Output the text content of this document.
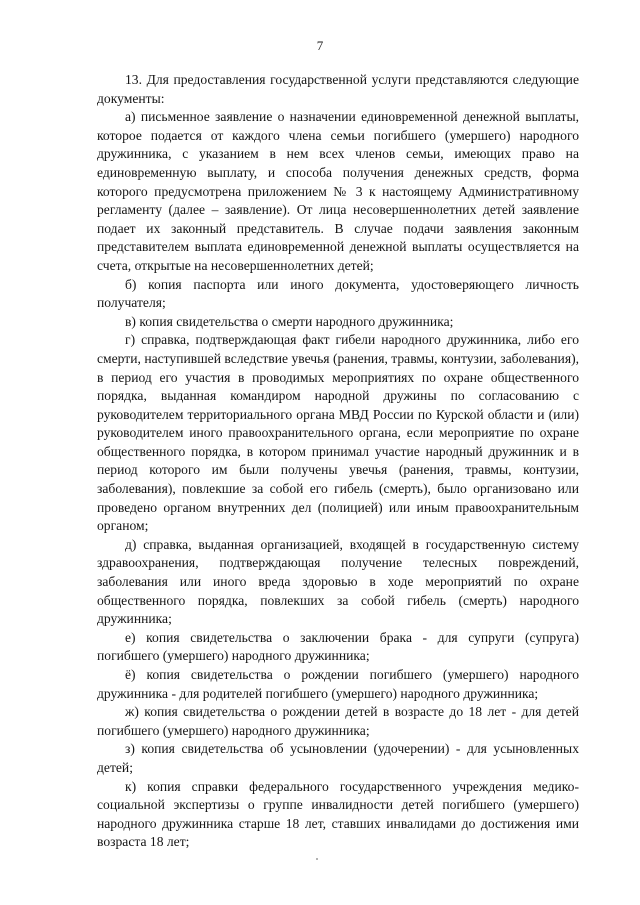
7

13. Для предоставления государственной услуги представляются следующие документы:

а) письменное заявление о назначении единовременной денежной выплаты, которое подается от каждого члена семьи погибшего (умершего) народного дружинника, с указанием в нем всех членов семьи, имеющих право на единовременную выплату, и способа получения денежных средств, форма которого предусмотрена приложением № 3 к настоящему Административному регламенту (далее – заявление). От лица несовершеннолетних детей заявление подает их законный представитель. В случае подачи заявления законным представителем выплата единовременной денежной выплаты осуществляется на счета, открытые на несовершеннолетних детей;

б) копия паспорта или иного документа, удостоверяющего личность получателя;

в) копия свидетельства о смерти народного дружинника;

г) справка, подтверждающая факт гибели народного дружинника, либо его смерти, наступившей вследствие увечья (ранения, травмы, контузии, заболевания), в период его участия в проводимых мероприятиях по охране общественного порядка, выданная командиром народной дружины по согласованию с руководителем территориального органа МВД России по Курской области и (или) руководителем иного правоохранительного органа, если мероприятие по охране общественного порядка, в котором принимал участие народный дружинник и в период которого им были получены увечья (ранения, травмы, контузии, заболевания), повлекшие за собой его гибель (смерть), было организовано или проведено органом внутренних дел (полицией) или иным правоохранительным органом;

д) справка, выданная организацией, входящей в государственную систему здравоохранения, подтверждающая получение телесных повреждений, заболевания или иного вреда здоровью в ходе мероприятий по охране общественного порядка, повлекших за собой гибель (смерть) народного дружинника;

е) копия свидетельства о заключении брака - для супруги (супруга) погибшего (умершего) народного дружинника;

ё) копия свидетельства о рождении погибшего (умершего) народного дружинника - для родителей погибшего (умершего) народного дружинника;

ж) копия свидетельства о рождении детей в возрасте до 18 лет - для детей погибшего (умершего) народного дружинника;

з) копия свидетельства об усыновлении (удочерении) - для усыновленных детей;

к) копия справки федерального государственного учреждения медико-социальной экспертизы о группе инвалидности детей погибшего (умершего) народного дружинника старше 18 лет, ставших инвалидами до достижения ими возраста 18 лет;
